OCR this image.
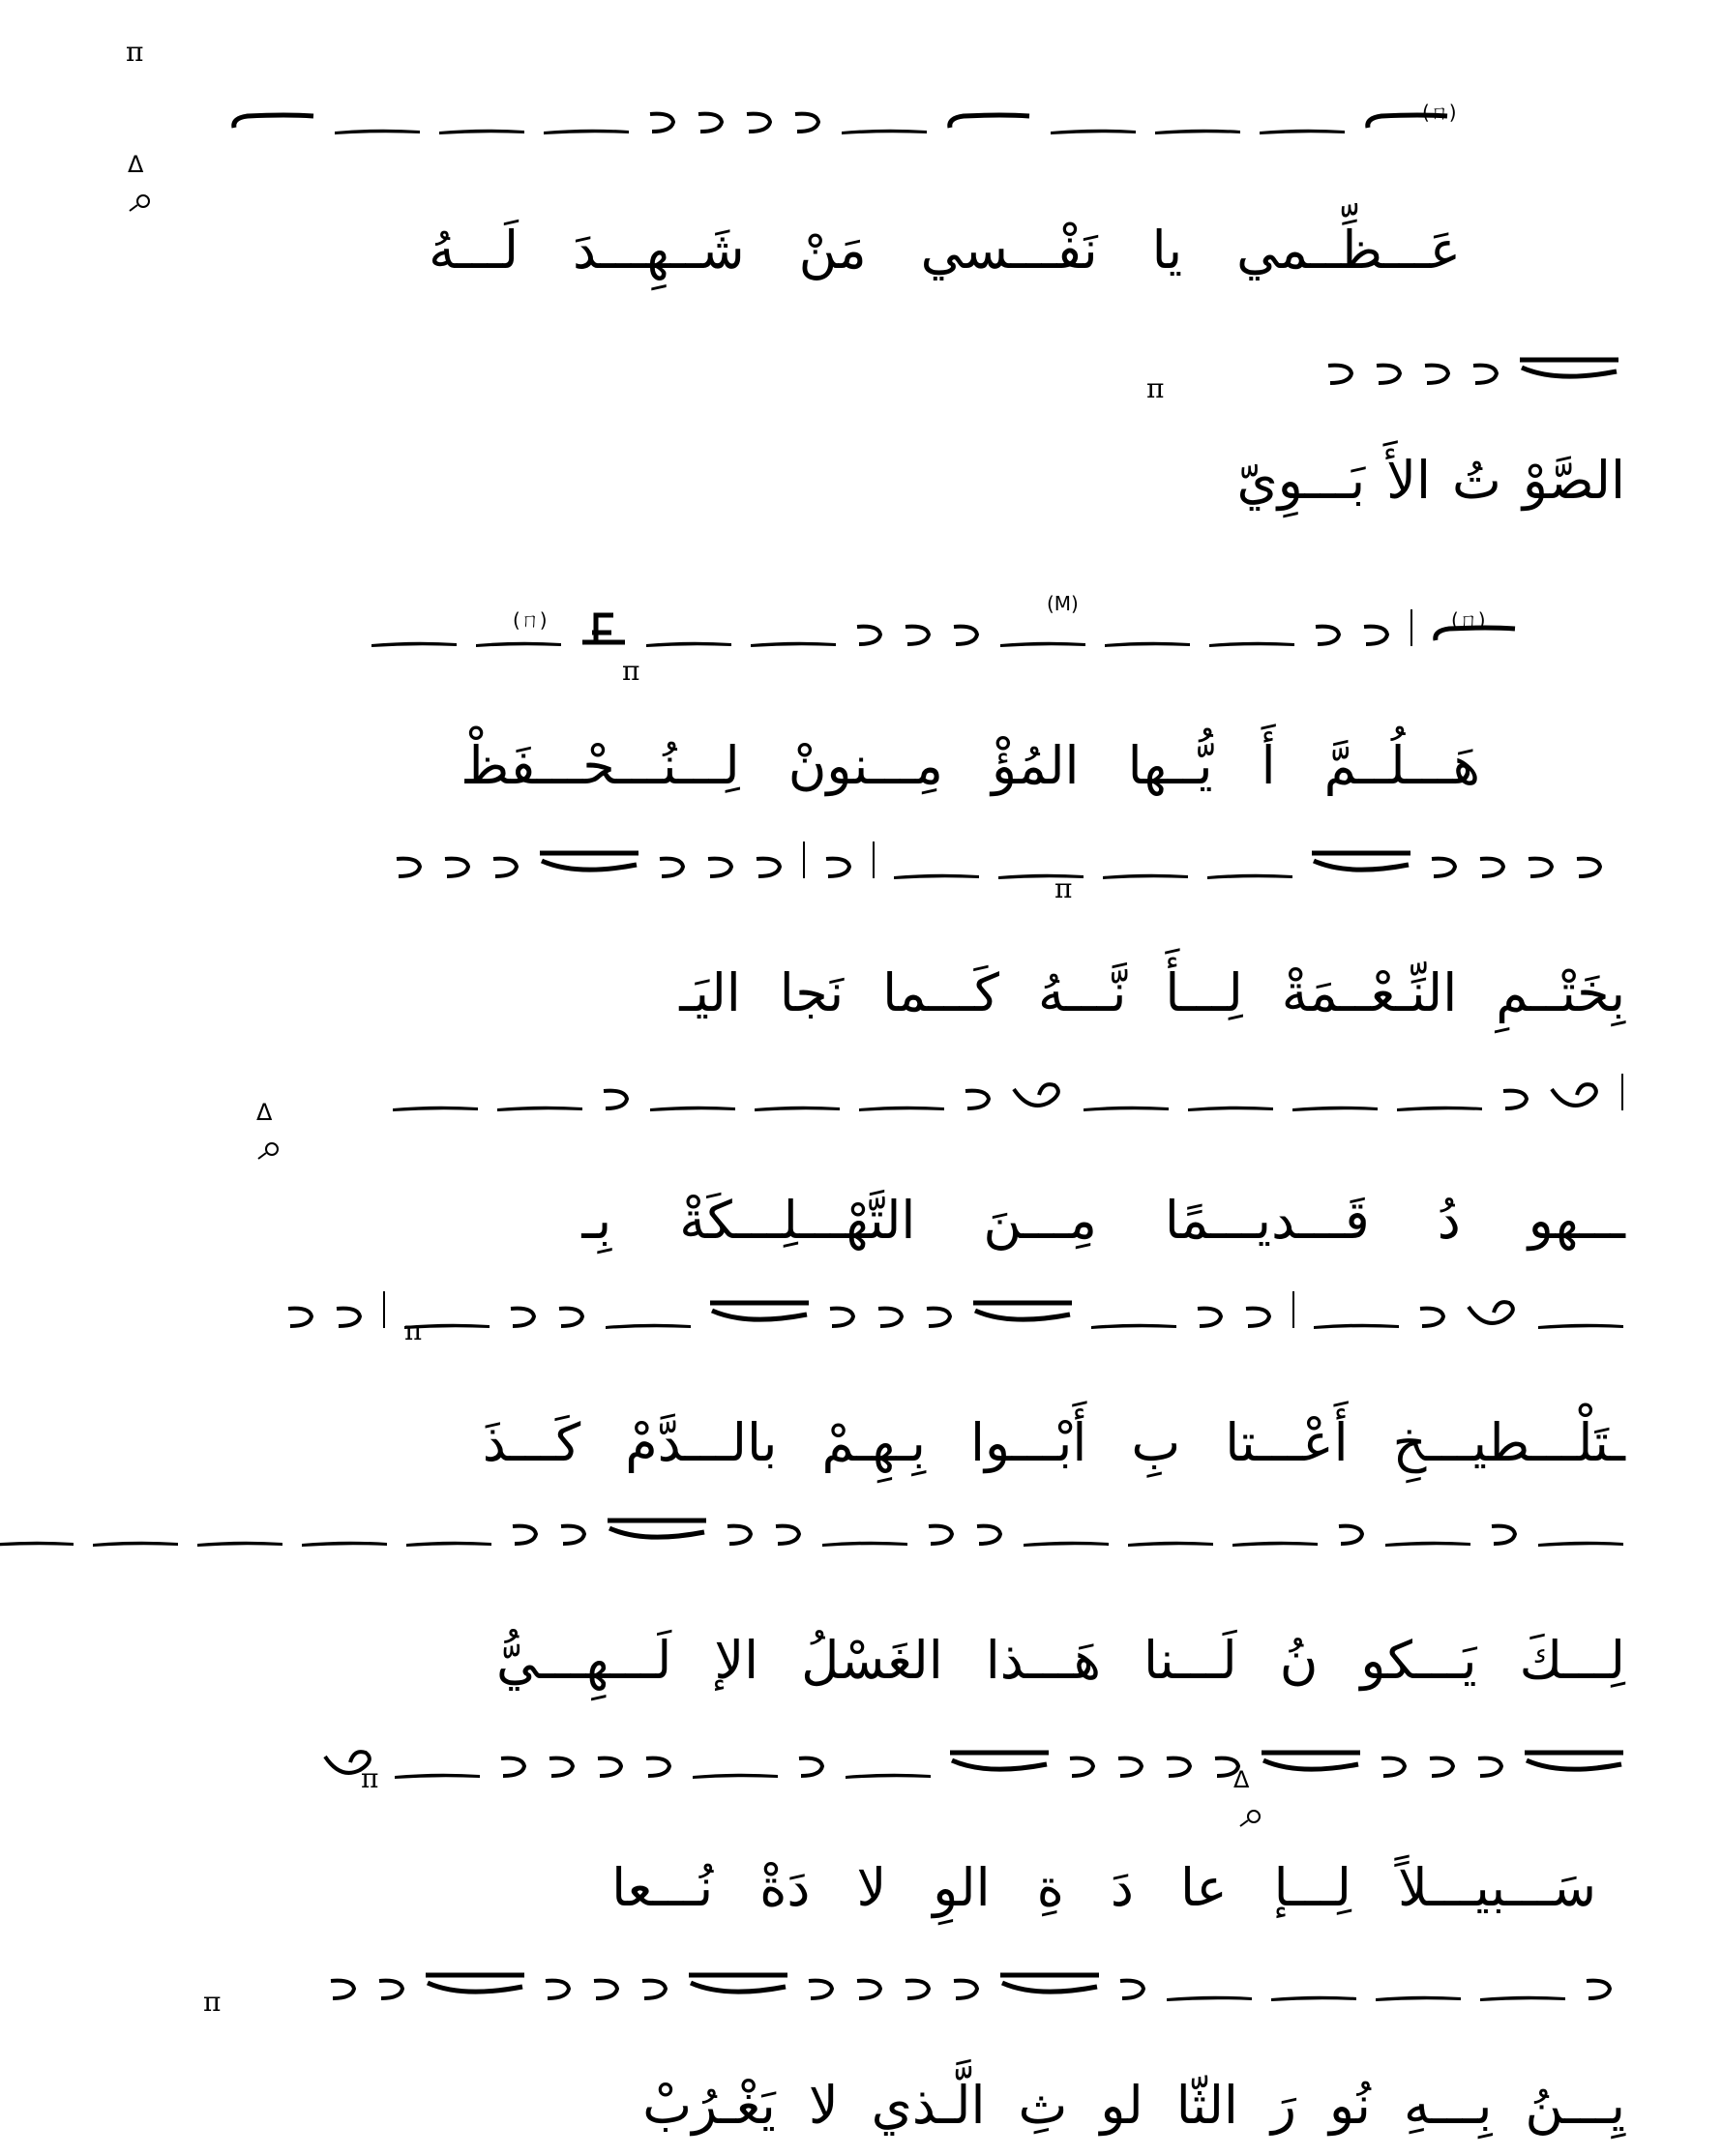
عَـــظِّــمي
يا
نَفْـــسي
مَنْ
شَــهِـــدَ
لَـــهُ
الصَّوْ
تُ
الأَ
بَـــوِيّ
هَـــلُــمَّ
أَ
يُّــها
المُؤْ
مِـــنونْ
لِـــنُـــحْـــفَظْ
بِخَتْــمِ
النِّـعْــمَةْ
لِـــأَ
نَّـــهُ
كَـــما
نَجا
اليَـ
ـــهو
دُ
قَـــديـــمًا
مِـــنَ
التَّهْـــلِـــكَةْ
بِـ
ـتَلْـــطيـــخِ
أَعْـــتا
بِ
أَبْـــوا
بِـهِـمْ
بالـــدَّمْ
كَـــذَ
لِـــكَ
يَـــكو
نُ
لَـــنا
هَـــذا
الغَسْلُ
الإ
لَـــهِـــيُّ
سَـــبيـــلاً
لِـــإ
عا
دَ
ةِ
الوِ
لا
دَةْ
نُـــعا
يِـــنُ
بِـــهِ
نُو
رَ
الثّا
لو
ثِ
الَّـذي
لا
يَغْـرُبْ
π
Δ
(ㄇ)
π
(ㄇ)
(M)
π
(ㄇ)
π
Δ
π
π	Δ
π
